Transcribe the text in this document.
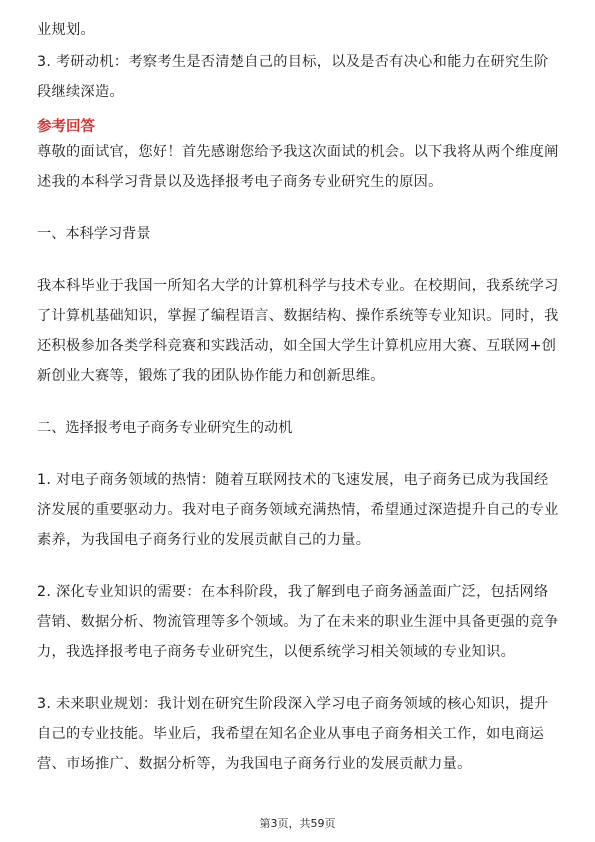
业规划。

3. 考研动机：考察考生是否清楚自己的目标，以及是否有决心和能力在研究生阶段继续深造。

参考回答

尊敬的面试官，您好！首先感谢您给予我这次面试的机会。以下我将从两个维度阐述我的本科学习背景以及选择报考电子商务专业研究生的原因。

一、本科学习背景

我本科毕业于我国一所知名大学的计算机科学与技术专业。在校期间，我系统学习了计算机基础知识，掌握了编程语言、数据结构、操作系统等专业知识。同时，我还积极参加各类学科竞赛和实践活动，如全国大学生计算机应用大赛、互联网+创新创业大赛等，锻炼了我的团队协作能力和创新思维。

二、选择报考电子商务专业研究生的动机

1. 对电子商务领域的热情：随着互联网技术的飞速发展，电子商务已成为我国经济发展的重要驱动力。我对电子商务领域充满热情，希望通过深造提升自己的专业素养，为我国电子商务行业的发展贡献自己的力量。

2. 深化专业知识的需要：在本科阶段，我了解到电子商务涵盖面广泛，包括网络营销、数据分析、物流管理等多个领域。为了在未来的职业生涯中具备更强的竞争力，我选择报考电子商务专业研究生，以便系统学习相关领域的专业知识。

3. 未来职业规划：我计划在研究生阶段深入学习电子商务领域的核心知识，提升自己的专业技能。毕业后，我希望在知名企业从事电子商务相关工作，如电商运营、市场推广、数据分析等，为我国电子商务行业的发展贡献力量。

第3页，共59页
